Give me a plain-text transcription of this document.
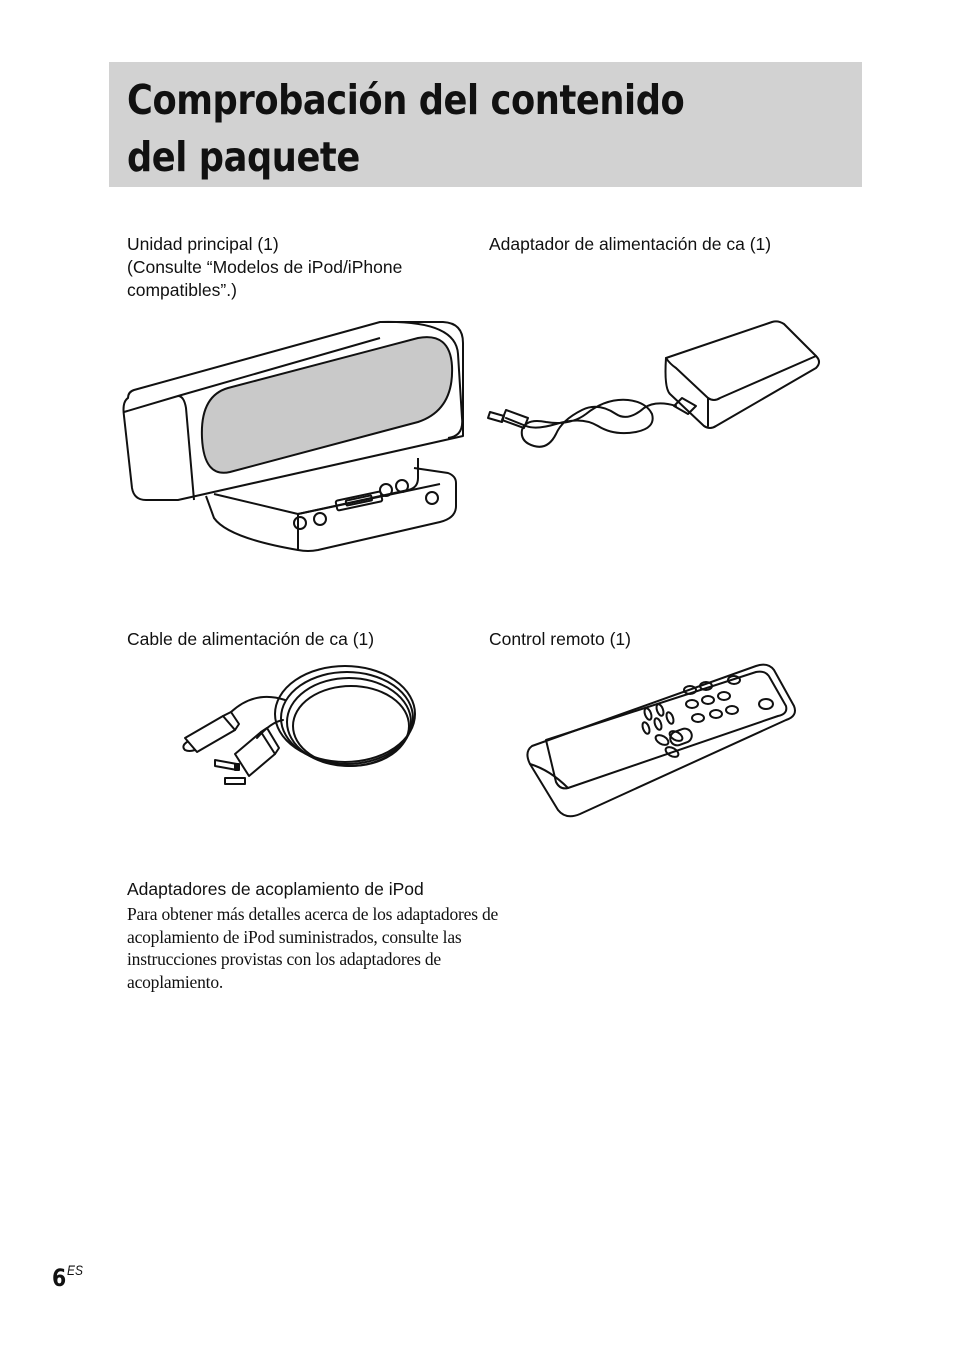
Comprobación del contenido del paquete
Unidad principal (1)
(Consulte “Modelos de iPod/iPhone
compatibles”.)
Adaptador de alimentación de ca (1)
Cable de alimentación de ca (1)	Control remoto (1)
Adaptadores de acoplamiento de iPod
Para obtener más detalles acerca de los adaptadores de acoplamiento de iPod suministrados, consulte las instrucciones provistas con los adaptadores de acoplamiento.
$6^{ES}$
